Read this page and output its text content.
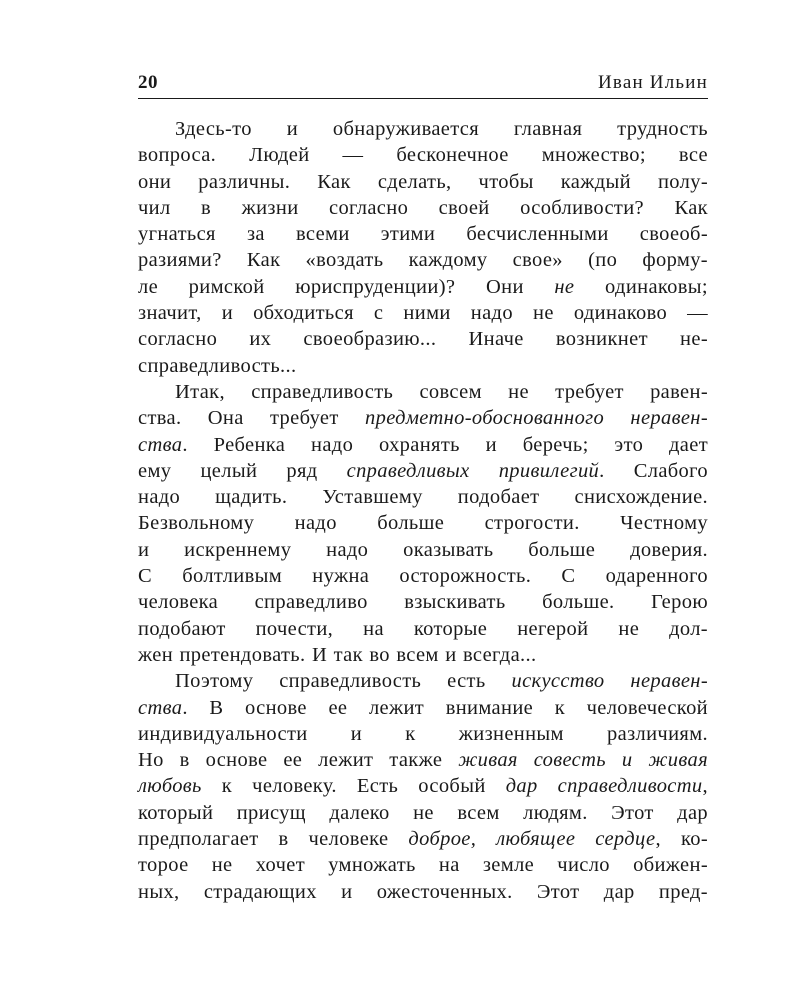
20	Иван Ильин
Здесь-то и обнаруживается главная трудность
вопроса. Людей — бесконечное множество; все
они различны. Как сделать, чтобы каждый полу-
чил в жизни согласно своей особливости? Как
угнаться за всеми этими бесчисленными своеоб-
разиями? Как «воздать каждому свое» (по форму-
ле римской юриспруденции)? Они не одинаковы;
значит, и обходиться с ними надо не одинаково —
согласно их своеобразию... Иначе возникнет не-
справедливость...
Итак, справедливость совсем не требует равен-
ства. Она требует предметно-обоснованного неравен-
ства. Ребенка надо охранять и беречь; это дает
ему целый ряд справедливых привилегий. Слабого
надо щадить. Уставшему подобает снисхождение.
Безвольному надо больше строгости. Честному
и искреннему надо оказывать больше доверия.
С болтливым нужна осторожность. С одаренного
человека справедливо взыскивать больше. Герою
подобают почести, на которые негерой не дол-
жен претендовать. И так во всем и всегда...
Поэтому справедливость есть искусство неравен-
ства. В основе ее лежит внимание к человеческой
индивидуальности и к жизненным различиям.
Но в основе ее лежит также живая совесть и живая
любовь к человеку. Есть особый дар справедливости,
который присущ далеко не всем людям. Этот дар
предполагает в человеке доброе, любящее сердце, ко-
торое не хочет умножать на земле число обижен-
ных, страдающих и ожесточенных. Этот дар пред-
